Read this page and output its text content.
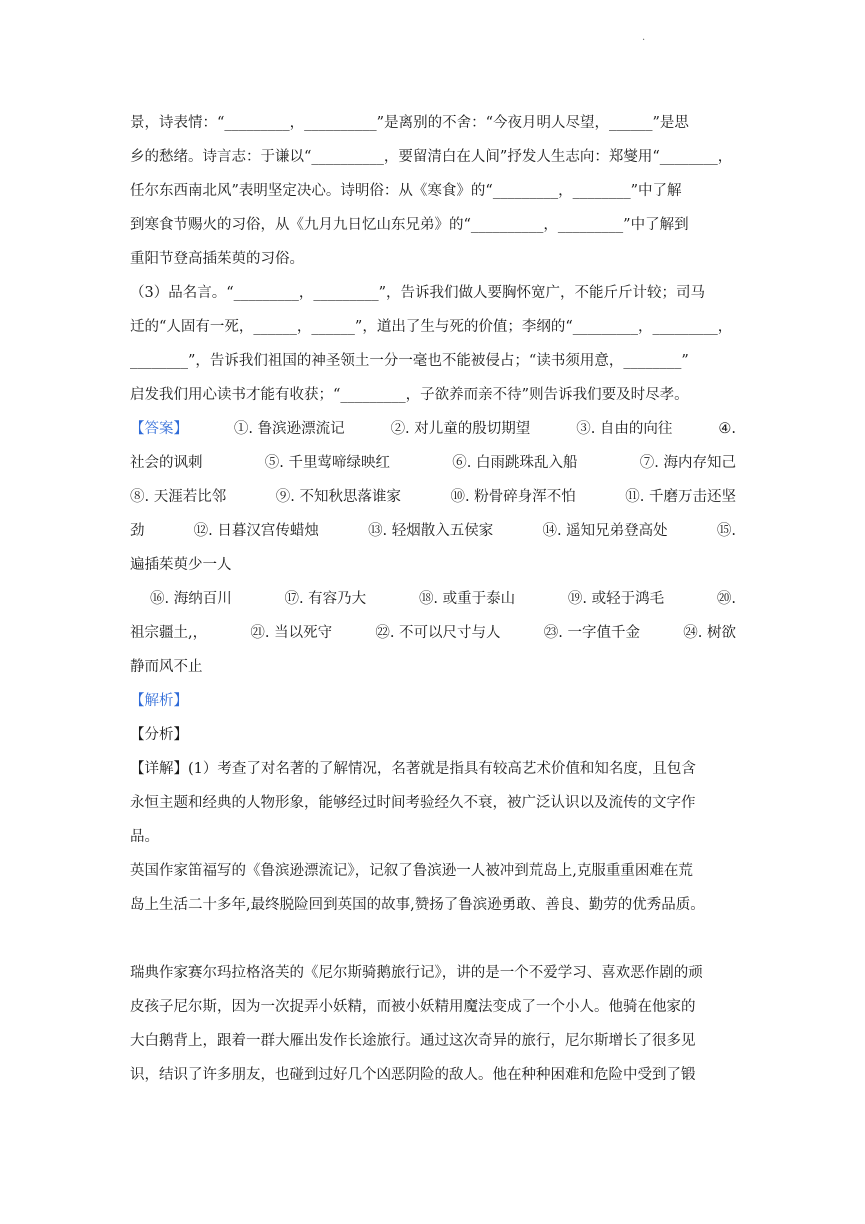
.
景，诗表情：“_________，__________”是离别的不舍：“今夜月明人尽望，______”是思
乡的愁绪。诗言志：于谦以“__________，要留清白在人间”抒发人生志向：郑燮用“________，
任尔东西南北风”表明坚定决心。诗明俗：从《寒食》的“_________，________”中了解
到寒食节赐火的习俗，从《九月九日忆山东兄弟》的“__________，_________”中了解到
重阳节登高插茱萸的习俗。
（3）品名言。“_________，_________”，告诉我们做人要胸怀宽广，不能斤斤计较；司马
迁的“人固有一死，______，______”，道出了生与死的价值；李纲的“_________，_________，
________”，告诉我们祖国的神圣领土一分一毫也不能被侵占；“读书须用意，________”
启发我们用心读书才能有收获；“_________，子欲养而亲不待”则告诉我们要及时尽孝。
【答案】	①. 鲁滨逊漂流记	②. 对儿童的殷切期望	③. 自由的向往	④.
社会的讽刺	⑤. 千里莺啼绿映红	⑥. 白雨跳珠乱入船	⑦. 海内存知己
⑧. 天涯若比邻	⑨. 不知秋思落谁家	⑩. 粉骨碎身浑不怕	⑪. 千磨万击还坚
劲	⑫. 日暮汉宫传蜡烛	⑬. 轻烟散入五侯家	⑭. 遥知兄弟登高处	⑮.
遍插茱萸少一人
⑯. 海纳百川	⑰. 有容乃大	⑱. 或重于泰山	⑲. 或轻于鸿毛	⑳.
祖宗疆土,，	㉑. 当以死守	㉒. 不可以尺寸与人	㉓. 一字值千金	㉔. 树欲
静而风不止
【解析】
【分析】
【详解】(1）考查了对名著的了解情况，名著就是指具有较高艺术价值和知名度，且包含
永恒主题和经典的人物形象，能够经过时间考验经久不衰，被广泛认识以及流传的文字作
品。
英国作家笛福写的《鲁滨逊漂流记》，记叙了鲁滨逊一人被冲到荒岛上,克服重重困难在荒
岛上生活二十多年,最终脱险回到英国的故事,赞扬了鲁滨逊勇敢、善良、勤劳的优秀品质。
瑞典作家赛尔玛拉格洛芙的《尼尔斯骑鹅旅行记》，讲的是一个不爱学习、喜欢恶作剧的顽
皮孩子尼尔斯，因为一次捉弄小妖精，而被小妖精用魔法变成了一个小人。他骑在他家的
大白鹅背上，跟着一群大雁出发作长途旅行。通过这次奇异的旅行，尼尔斯增长了很多见
识，结识了许多朋友，也碰到过好几个凶恶阴险的敌人。他在种种困难和危险中受到了锻
